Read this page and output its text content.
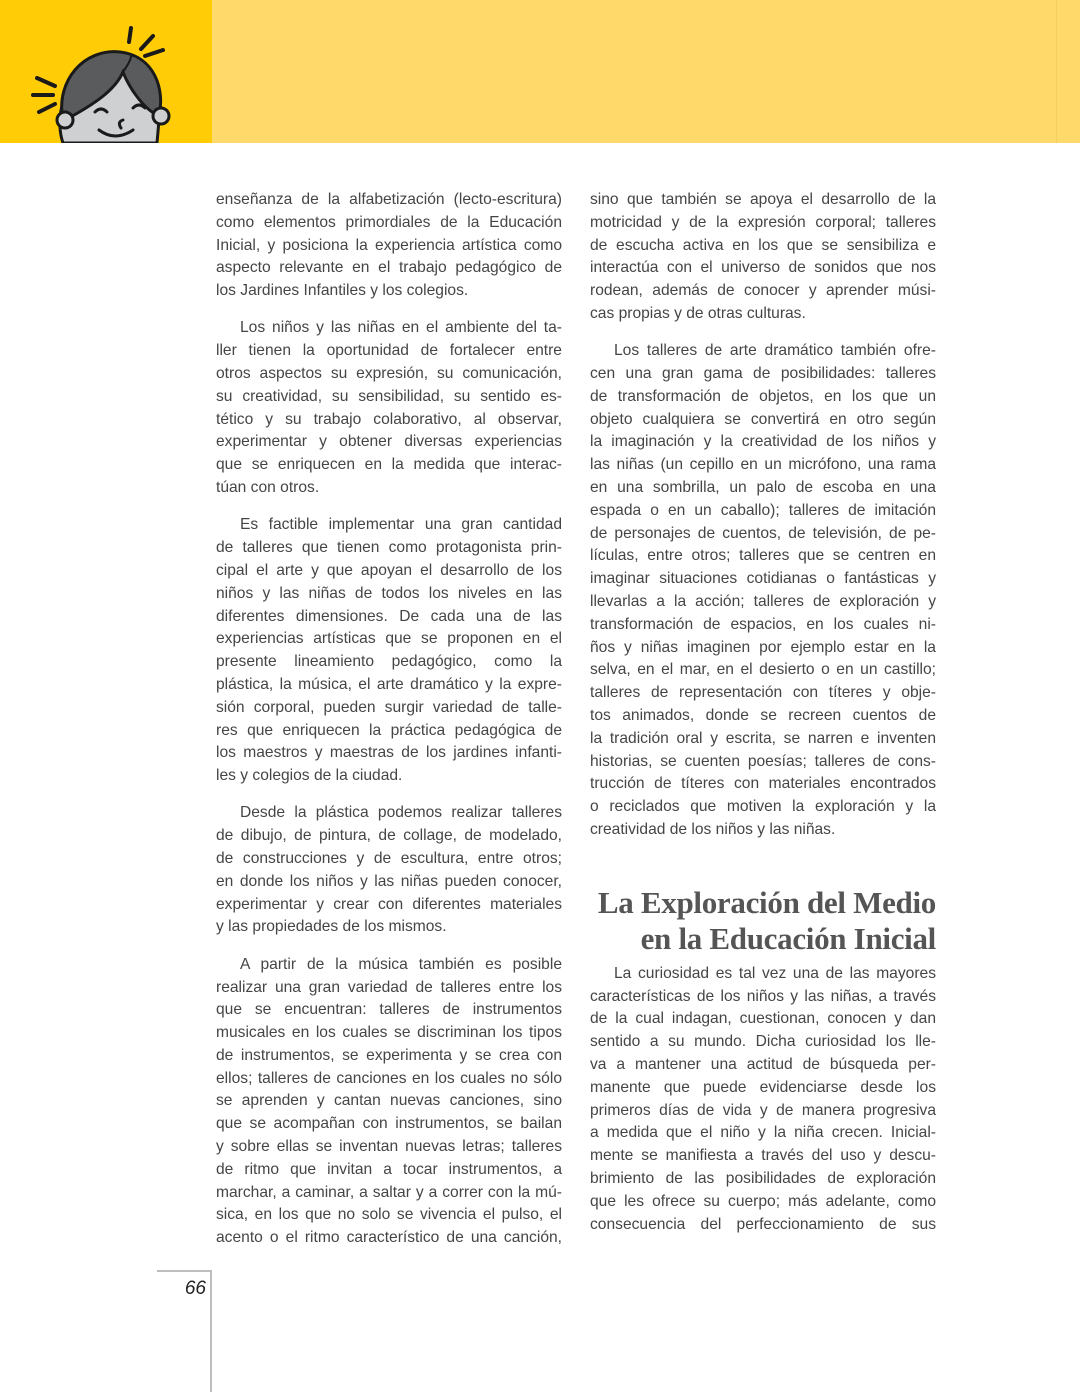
enseñanza de la alfabetización (lecto-escritura)
como elementos primordiales de la Educación
Inicial, y posiciona la experiencia artística como
aspecto relevante en el trabajo pedagógico de
los Jardines Infantiles y los colegios.
Los niños y las niñas en el ambiente del ta-
ller tienen la oportunidad de fortalecer entre
otros aspectos su expresión, su comunicación,
su creatividad, su sensibilidad, su sentido es-
tético y su trabajo colaborativo, al observar,
experimentar y obtener diversas experiencias
que se enriquecen en la medida que interac-
túan con otros.
Es factible implementar una gran cantidad
de talleres que tienen como protagonista prin-
cipal el arte y que apoyan el desarrollo de los
niños y las niñas de todos los niveles en las
diferentes dimensiones. De cada una de las
experiencias artísticas que se proponen en el
presente lineamiento pedagógico, como la
plástica, la música, el arte dramático y la expre-
sión corporal, pueden surgir variedad de talle-
res que enriquecen la práctica pedagógica de
los maestros y maestras de los jardines infanti-
les y colegios de la ciudad.
Desde la plástica podemos realizar talleres
de dibujo, de pintura, de collage, de modelado,
de construcciones y de escultura, entre otros;
en donde los niños y las niñas pueden conocer,
experimentar y crear con diferentes materiales
y las propiedades de los mismos.
A partir de la música también es posible
realizar una gran variedad de talleres entre los
que se encuentran: talleres de instrumentos
musicales en los cuales se discriminan los tipos
de instrumentos, se experimenta y se crea con
ellos; talleres de canciones en los cuales no sólo
se aprenden y cantan nuevas canciones, sino
que se acompañan con instrumentos, se bailan
y sobre ellas se inventan nuevas letras; talleres
de ritmo que invitan a tocar instrumentos, a
marchar, a caminar, a saltar y a correr con la mú-
sica, en los que no solo se vivencia el pulso, el
acento o el ritmo característico de una canción,
sino que también se apoya el desarrollo de la
motricidad y de la expresión corporal; talleres
de escucha activa en los que se sensibiliza e
interactúa con el universo de sonidos que nos
rodean, además de conocer y aprender músi-
cas propias y de otras culturas.
Los talleres de arte dramático también ofre-
cen una gran gama de posibilidades: talleres
de transformación de objetos, en los que un
objeto cualquiera se convertirá en otro según
la imaginación y la creatividad de los niños y
las niñas (un cepillo en un micrófono, una rama
en una sombrilla, un palo de escoba en una
espada o en un caballo); talleres de imitación
de personajes de cuentos, de televisión, de pe-
lículas, entre otros; talleres que se centren en
imaginar situaciones cotidianas o fantásticas y
llevarlas a la acción; talleres de exploración y
transformación de espacios, en los cuales ni-
ños y niñas imaginen por ejemplo estar en la
selva, en el mar, en el desierto o en un castillo;
talleres de representación con títeres y obje-
tos animados, donde se recreen cuentos de
la tradición oral y escrita, se narren e inventen
historias, se cuenten poesías; talleres de cons-
trucción de títeres con materiales encontrados
o reciclados que motiven la exploración y la
creatividad de los niños y las niñas.
La Exploración del Medio
en la Educación Inicial
La curiosidad es tal vez una de las mayores
características de los niños y las niñas, a través
de la cual indagan, cuestionan, conocen y dan
sentido a su mundo. Dicha curiosidad los lle-
va a mantener una actitud de búsqueda per-
manente que puede evidenciarse desde los
primeros días de vida y de manera progresiva
a medida que el niño y la niña crecen. Inicial-
mente se manifiesta a través del uso y descu-
brimiento de las posibilidades de exploración
que les ofrece su cuerpo; más adelante, como
consecuencia del perfeccionamiento de sus
66
